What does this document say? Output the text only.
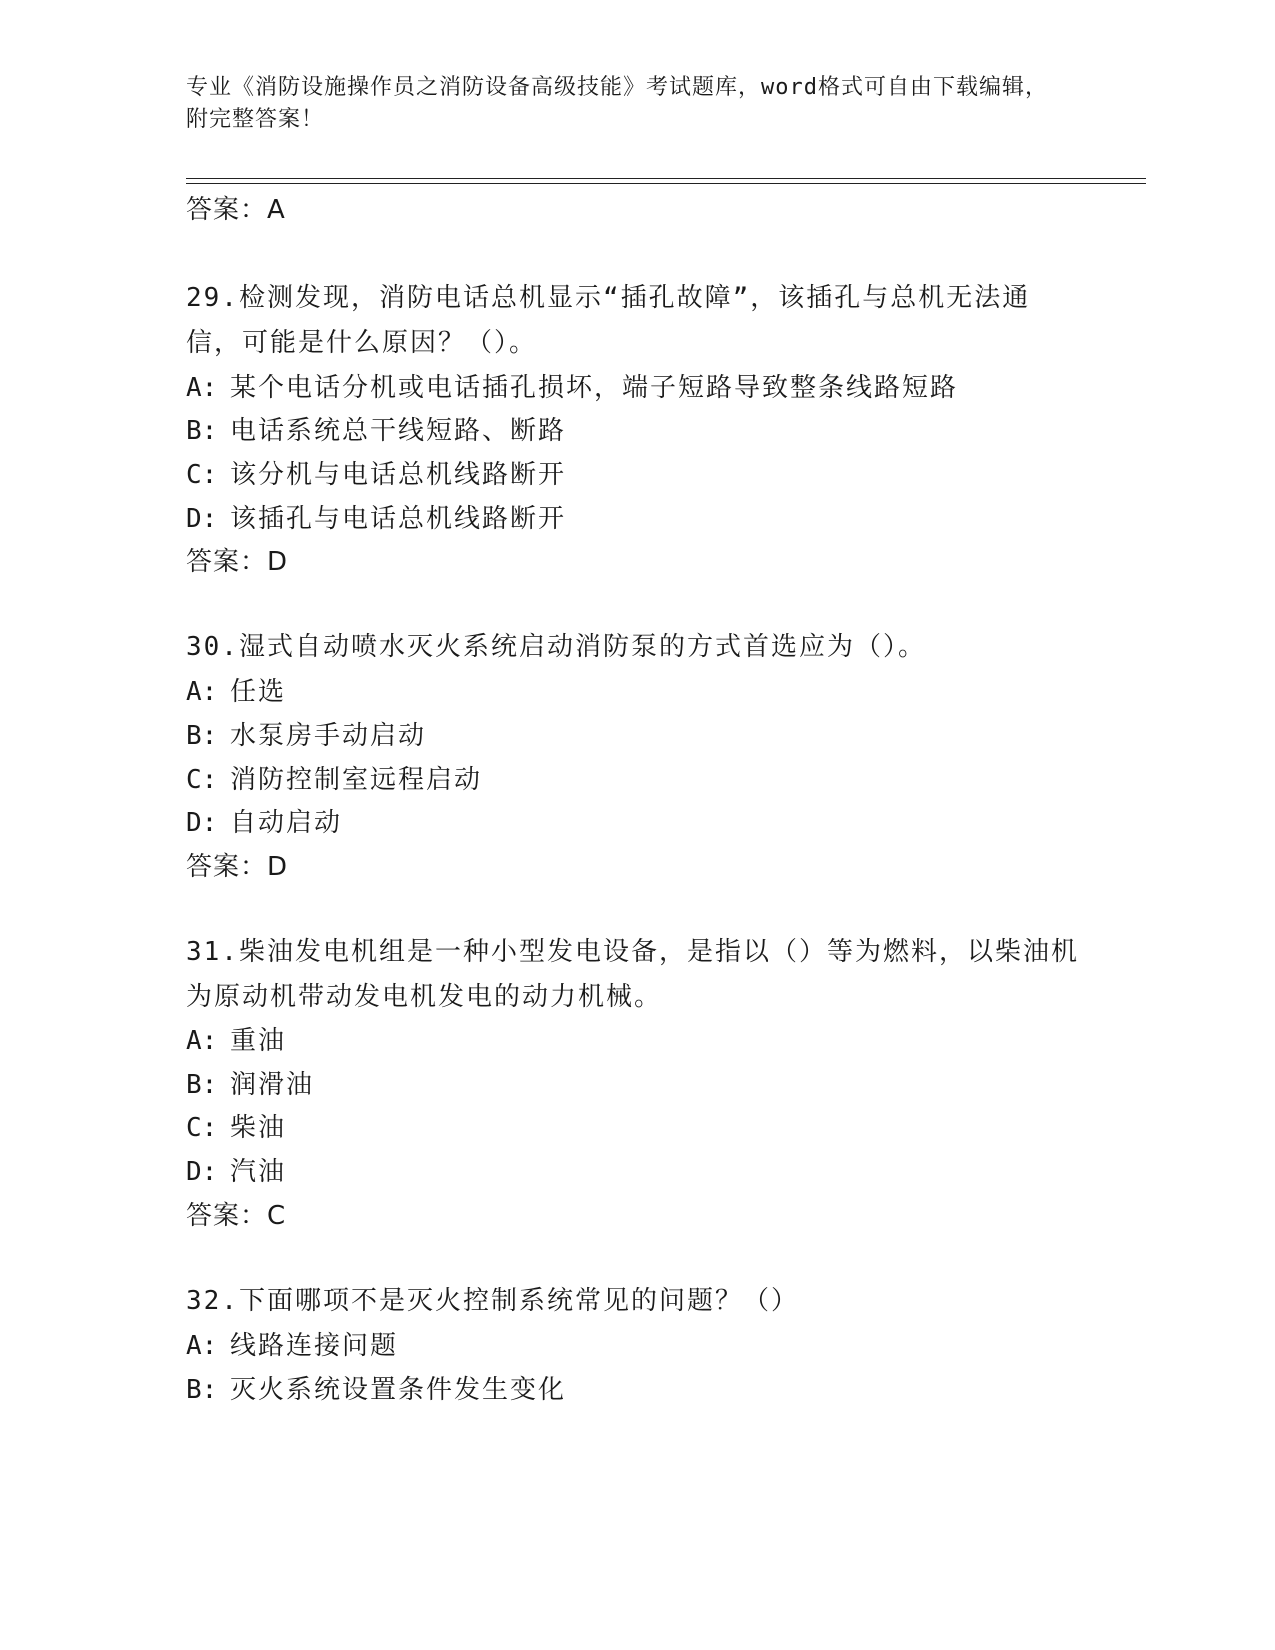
专业《消防设施操作员之消防设备高级技能》考试题库，word格式可自由下载编辑，附完整答案！
答案：A
29.检测发现，消防电话总机显示“插孔故障”，该插孔与总机无法通信，可能是什么原因？（）。
A: 某个电话分机或电话插孔损坏，端子短路导致整条线路短路
B: 电话系统总干线短路、断路
C: 该分机与电话总机线路断开
D: 该插孔与电话总机线路断开
答案：D
30.湿式自动喷水灭火系统启动消防泵的方式首选应为（）。
A: 任选
B: 水泵房手动启动
C: 消防控制室远程启动
D: 自动启动
答案：D
31.柴油发电机组是一种小型发电设备，是指以（）等为燃料，以柴油机为原动机带动发电机发电的动力机械。
A: 重油
B: 润滑油
C: 柴油
D: 汽油
答案：C
32.下面哪项不是灭火控制系统常见的问题？（）
A: 线路连接问题
B: 灭火系统设置条件发生变化
